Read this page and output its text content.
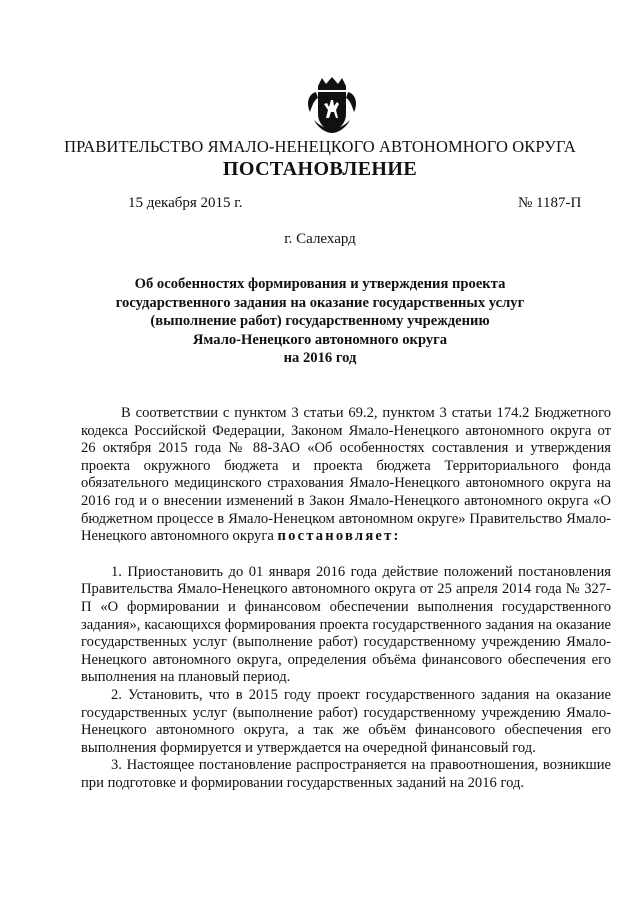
ПРАВИТЕЛЬСТВО ЯМАЛО-НЕНЕЦКОГО АВТОНОМНОГО ОКРУГА
ПОСТАНОВЛЕНИЕ
15 декабря 2015 г.	№ 1187-П
г. Салехард
Об особенностях формирования и утверждения проекта
государственного задания на оказание государственных услуг
(выполнение работ) государственному учреждению
Ямало-Ненецкого автономного округа
на 2016 год

В соответствии с пунктом 3 статьи 69.2, пунктом 3 статьи 174.2 Бюджетного кодекса Российской Федерации, Законом Ямало-Ненецкого автономного округа от 26 октября 2015 года № 88-ЗАО «Об особенностях составления и утверждения проекта окружного бюджета и проекта бюджета Территориального фонда обязательного медицинского страхования Ямало-Ненецкого автономного округа на 2016 год и о внесении изменений в Закон Ямало-Ненецкого автономного округа «О бюджетном процессе в Ямало-Ненецком автономном округе» Правительство Ямало-Ненецкого автономного округа постановляет:

1. Приостановить до 01 января 2016 года действие положений постановления Правительства Ямало-Ненецкого автономного округа от 25 апреля 2014 года № 327-П «О формировании и финансовом обеспечении выполнения государственного задания», касающихся формирования проекта государственного задания на оказание государственных услуг (выполнение работ) государственному учреждению Ямало-Ненецкого автономного округа, определения объёма финансового обеспечения его выполнения на плановый период.

2. Установить, что в 2015 году проект государственного задания на оказание государственных услуг (выполнение работ) государственному учреждению Ямало-Ненецкого автономного округа, а так же объём финансового обеспечения его выполнения формируется и утверждается на очередной финансовый год.

3. Настоящее постановление распространяется на правоотношения, возникшие при подготовке и формировании государственных заданий на 2016 год.
